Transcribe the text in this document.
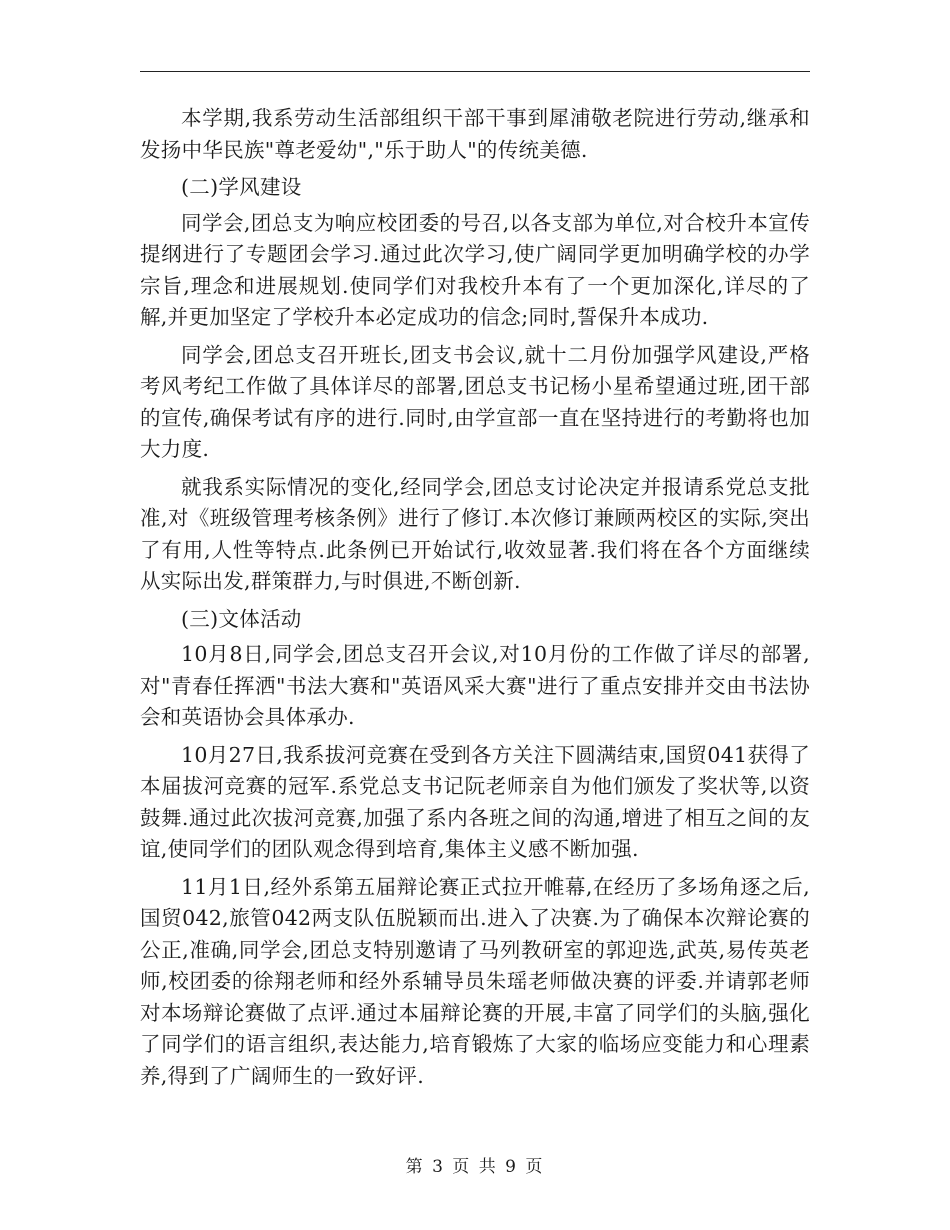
本学期,我系劳动生活部组织干部干事到犀浦敬老院进行劳动,继承和发扬中华民族"尊老爱幼","乐于助人"的传统美德.

(二)学风建设

同学会,团总支为响应校团委的号召,以各支部为单位,对合校升本宣传提纲进行了专题团会学习.通过此次学习,使广阔同学更加明确学校的办学宗旨,理念和进展规划.使同学们对我校升本有了一个更加深化,详尽的了解,并更加坚定了学校升本必定成功的信念;同时,誓保升本成功.

同学会,团总支召开班长,团支书会议,就十二月份加强学风建设,严格考风考纪工作做了具体详尽的部署,团总支书记杨小星希望通过班,团干部的宣传,确保考试有序的进行.同时,由学宣部一直在坚持进行的考勤将也加大力度.

就我系实际情况的变化,经同学会,团总支讨论决定并报请系党总支批准,对《班级管理考核条例》进行了修订.本次修订兼顾两校区的实际,突出了有用,人性等特点.此条例已开始试行,收效显著.我们将在各个方面继续从实际出发,群策群力,与时俱进,不断创新.

(三)文体活动

10月8日,同学会,团总支召开会议,对10月份的工作做了详尽的部署,对"青春任挥洒"书法大赛和"英语风采大赛"进行了重点安排并交由书法协会和英语协会具体承办.

10月27日,我系拔河竞赛在受到各方关注下圆满结束,国贸041获得了本届拔河竞赛的冠军.系党总支书记阮老师亲自为他们颁发了奖状等,以资鼓舞.通过此次拔河竞赛,加强了系内各班之间的沟通,增进了相互之间的友谊,使同学们的团队观念得到培育,集体主义感不断加强.

11月1日,经外系第五届辩论赛正式拉开帷幕,在经历了多场角逐之后,国贸042,旅管042两支队伍脱颖而出.进入了决赛.为了确保本次辩论赛的公正,准确,同学会,团总支特别邀请了马列教研室的郭迎选,武英,易传英老师,校团委的徐翔老师和经外系辅导员朱瑶老师做决赛的评委.并请郭老师对本场辩论赛做了点评.通过本届辩论赛的开展,丰富了同学们的头脑,强化了同学们的语言组织,表达能力,培育锻炼了大家的临场应变能力和心理素养,得到了广阔师生的一致好评.

第 3 页 共 9 页
